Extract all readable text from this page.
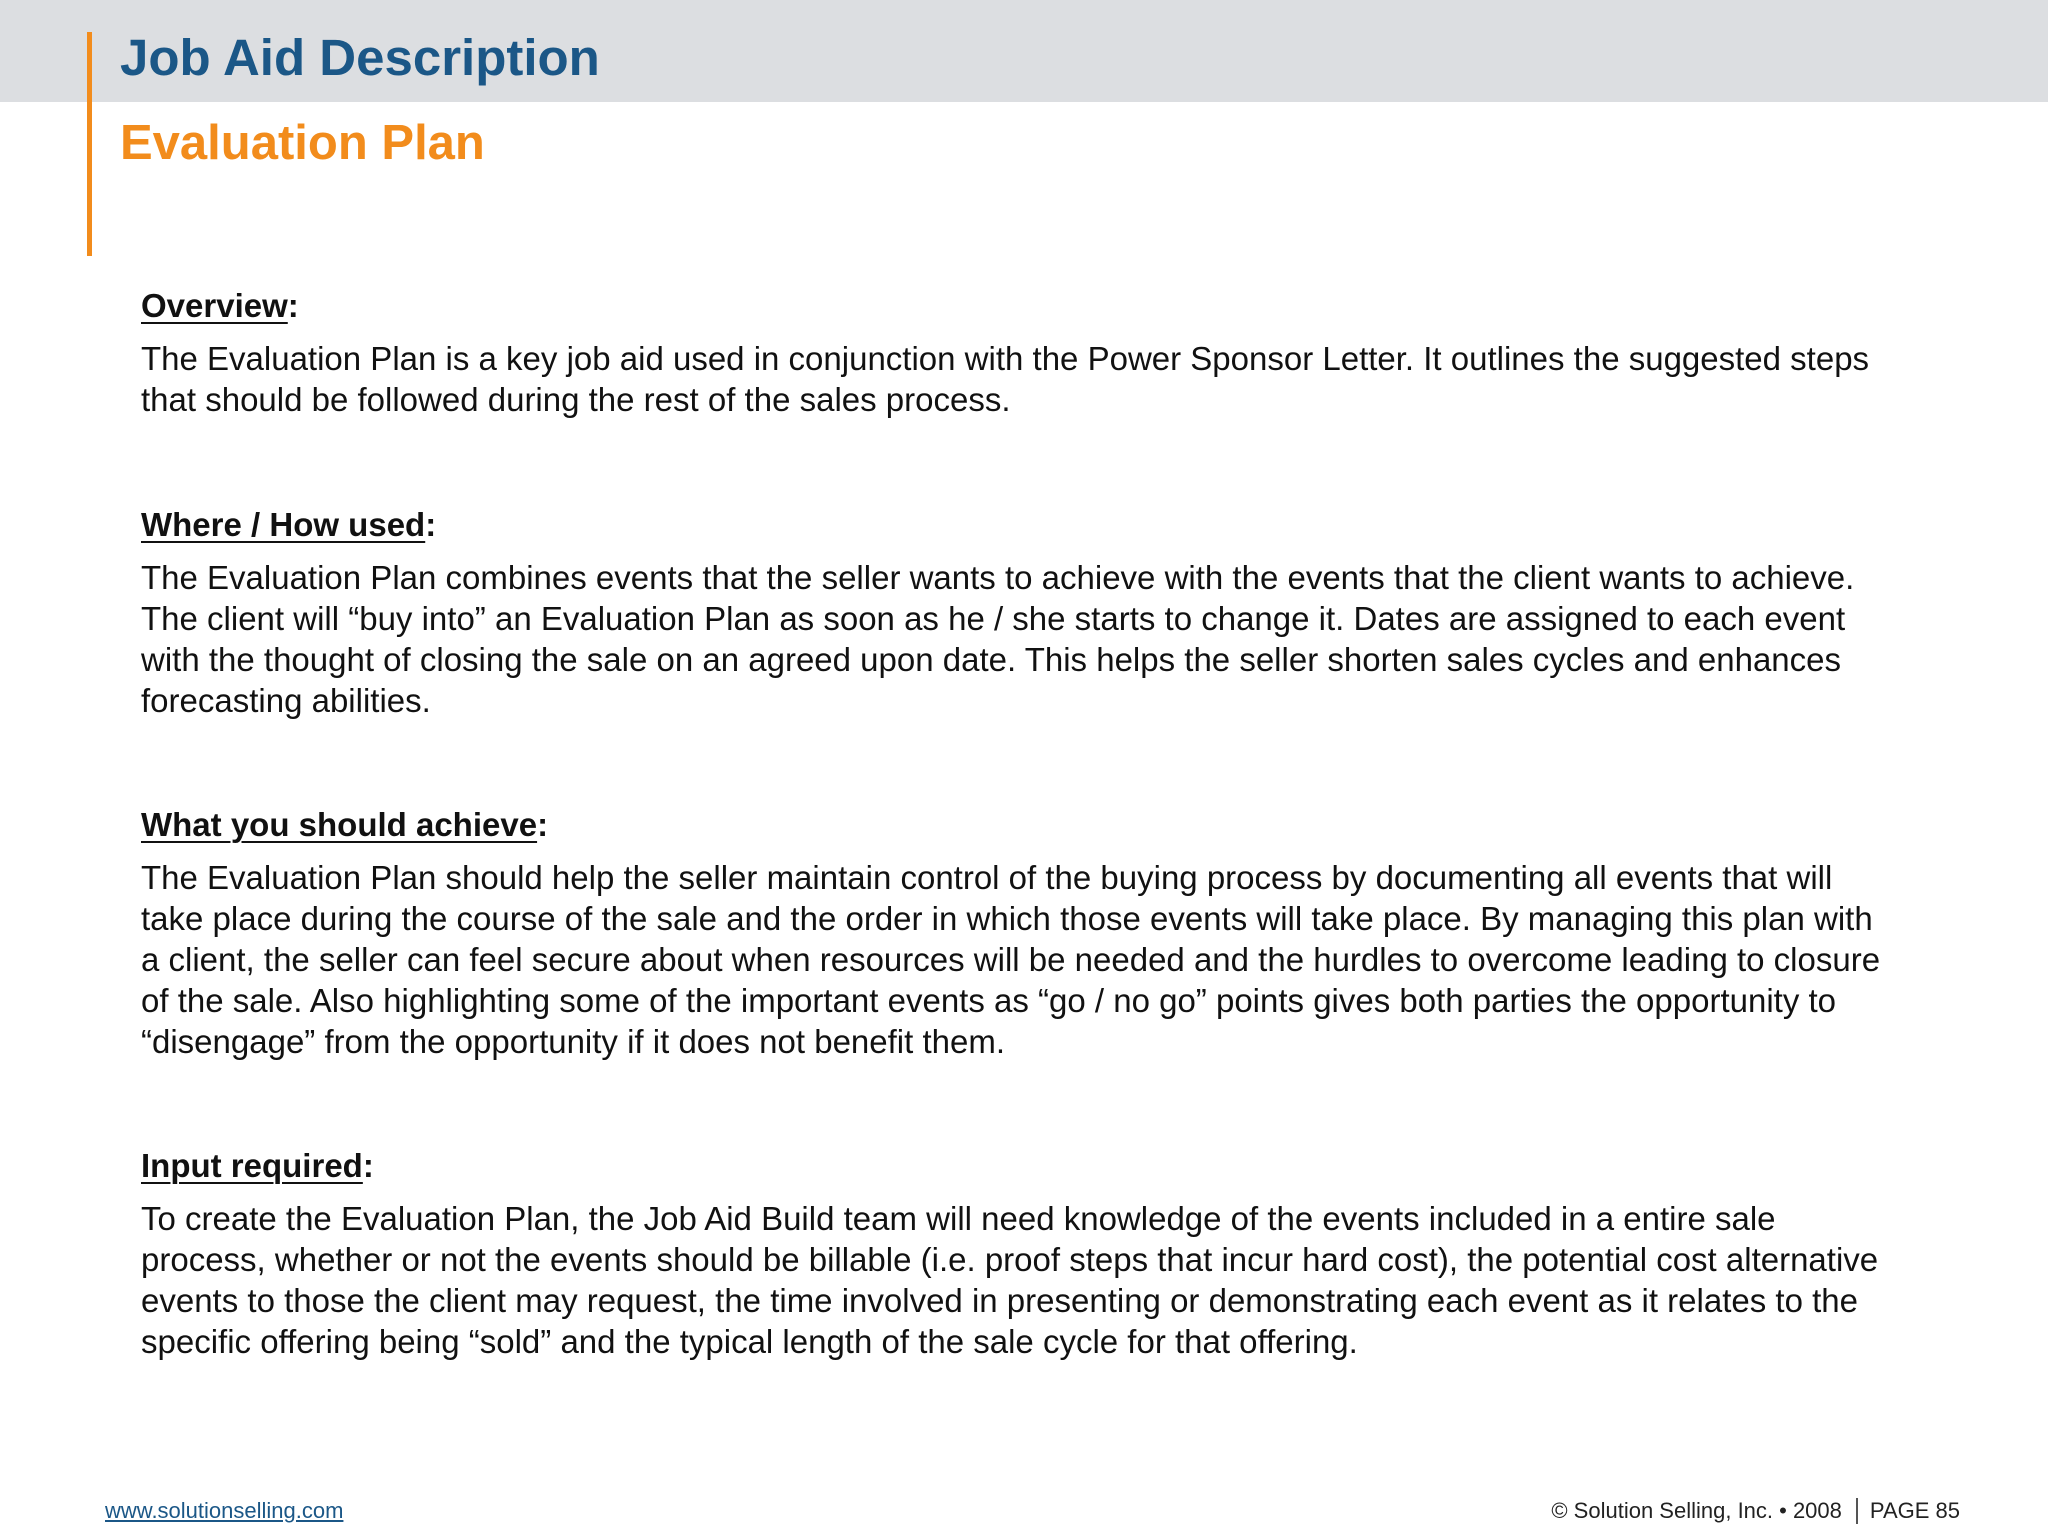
Job Aid Description
Evaluation Plan

Overview:

The Evaluation Plan is a key job aid used in conjunction with the Power Sponsor Letter. It outlines the suggested steps
that should be followed during the rest of the sales process.

Where / How used:

The Evaluation Plan combines events that the seller wants to achieve with the events that the client wants to achieve.
The client will “buy into” an Evaluation Plan as soon as he / she starts to change it. Dates are assigned to each event
with the thought of closing the sale on an agreed upon date. This helps the seller shorten sales cycles and enhances
forecasting abilities.

What you should achieve:

The Evaluation Plan should help the seller maintain control of the buying process by documenting all events that will
take place during the course of the sale and the order in which those events will take place. By managing this plan with
a client, the seller can feel secure about when resources will be needed and the hurdles to overcome leading to closure
of the sale. Also highlighting some of the important events as “go / no go” points gives both parties the opportunity to
“disengage” from the opportunity if it does not benefit them.

Input required:

To create the Evaluation Plan, the Job Aid Build team will need knowledge of the events included in a entire sale
process, whether or not the events should be billable (i.e. proof steps that incur hard cost), the potential cost alternative
events to those the client may request, the time involved in presenting or demonstrating each event as it relates to the
specific offering being “sold” and the typical length of the sale cycle for that offering.

www.solutionselling.com	© Solution Selling, Inc. • 2008 PAGE 85
